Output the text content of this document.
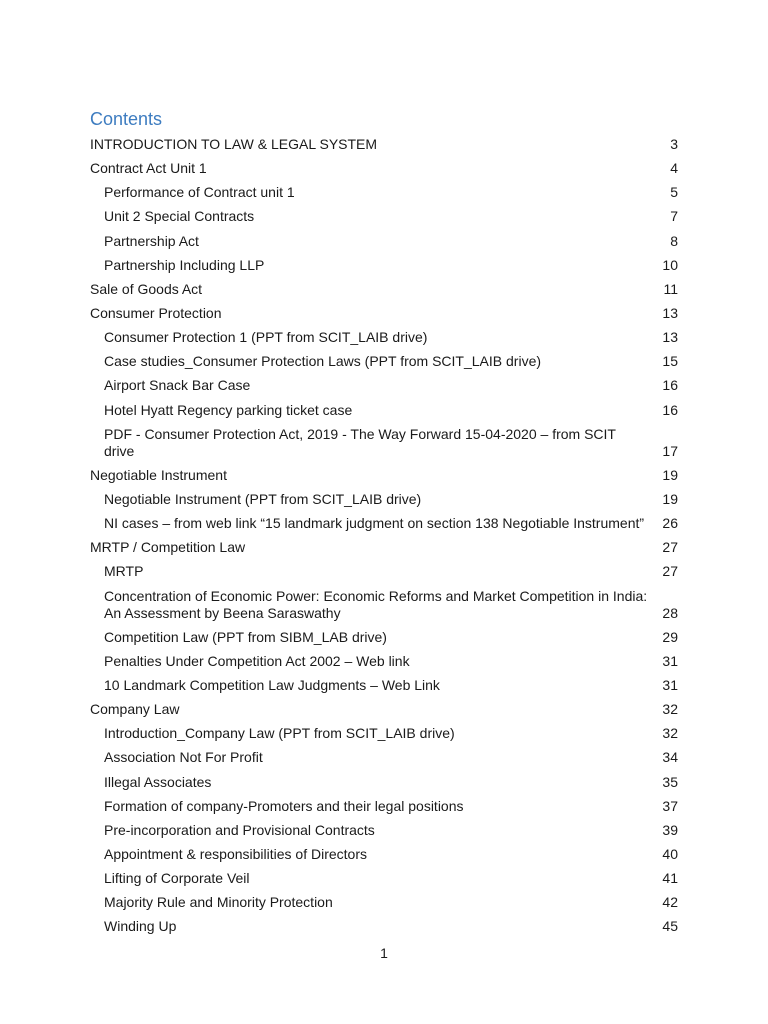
Contents
INTRODUCTION TO LAW & LEGAL SYSTEM	3
Contract Act Unit 1	4
Performance of Contract unit 1	5
Unit 2 Special Contracts	7
Partnership Act	8
Partnership Including LLP	10
Sale of Goods Act	11
Consumer Protection	13
Consumer Protection 1 (PPT from SCIT_LAIB drive)	13
Case studies_Consumer Protection Laws (PPT from SCIT_LAIB drive)	15
Airport Snack Bar Case	16
Hotel Hyatt Regency parking ticket case	16
PDF - Consumer Protection Act, 2019 - The Way Forward 15-04-2020 – from SCIT drive	17
Negotiable Instrument	19
Negotiable Instrument (PPT from SCIT_LAIB drive)	19
NI cases – from web link “15 landmark judgment on section 138 Negotiable Instrument”	26
MRTP / Competition Law	27
MRTP	27
Concentration of Economic Power: Economic Reforms and Market Competition in India: An Assessment by Beena Saraswathy	28
Competition Law (PPT from SIBM_LAB drive)	29
Penalties Under Competition Act 2002 – Web link	31
10 Landmark Competition Law Judgments – Web Link	31
Company Law	32
Introduction_Company Law (PPT from SCIT_LAIB drive)	32
Association Not For Profit	34
Illegal Associates	35
Formation of company-Promoters and their legal positions	37
Pre-incorporation and Provisional Contracts	39
Appointment & responsibilities of Directors	40
Lifting of Corporate Veil	41
Majority Rule and Minority Protection	42
Winding Up	45
1
